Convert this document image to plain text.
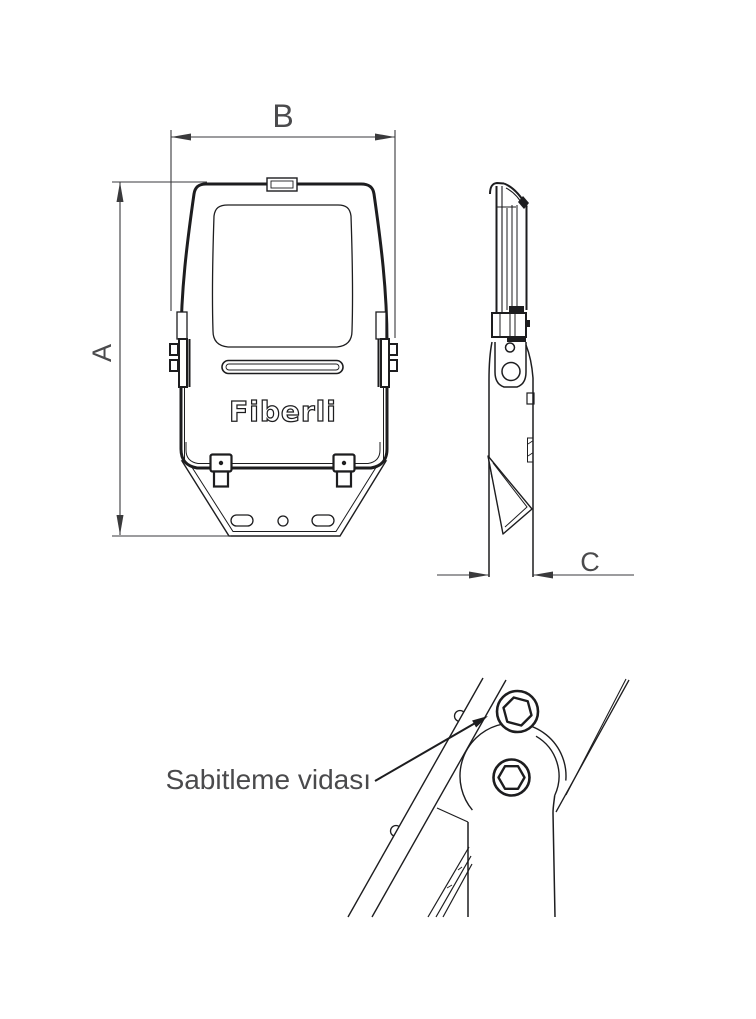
Fiberli
B
A
C
Sabitleme vidası
